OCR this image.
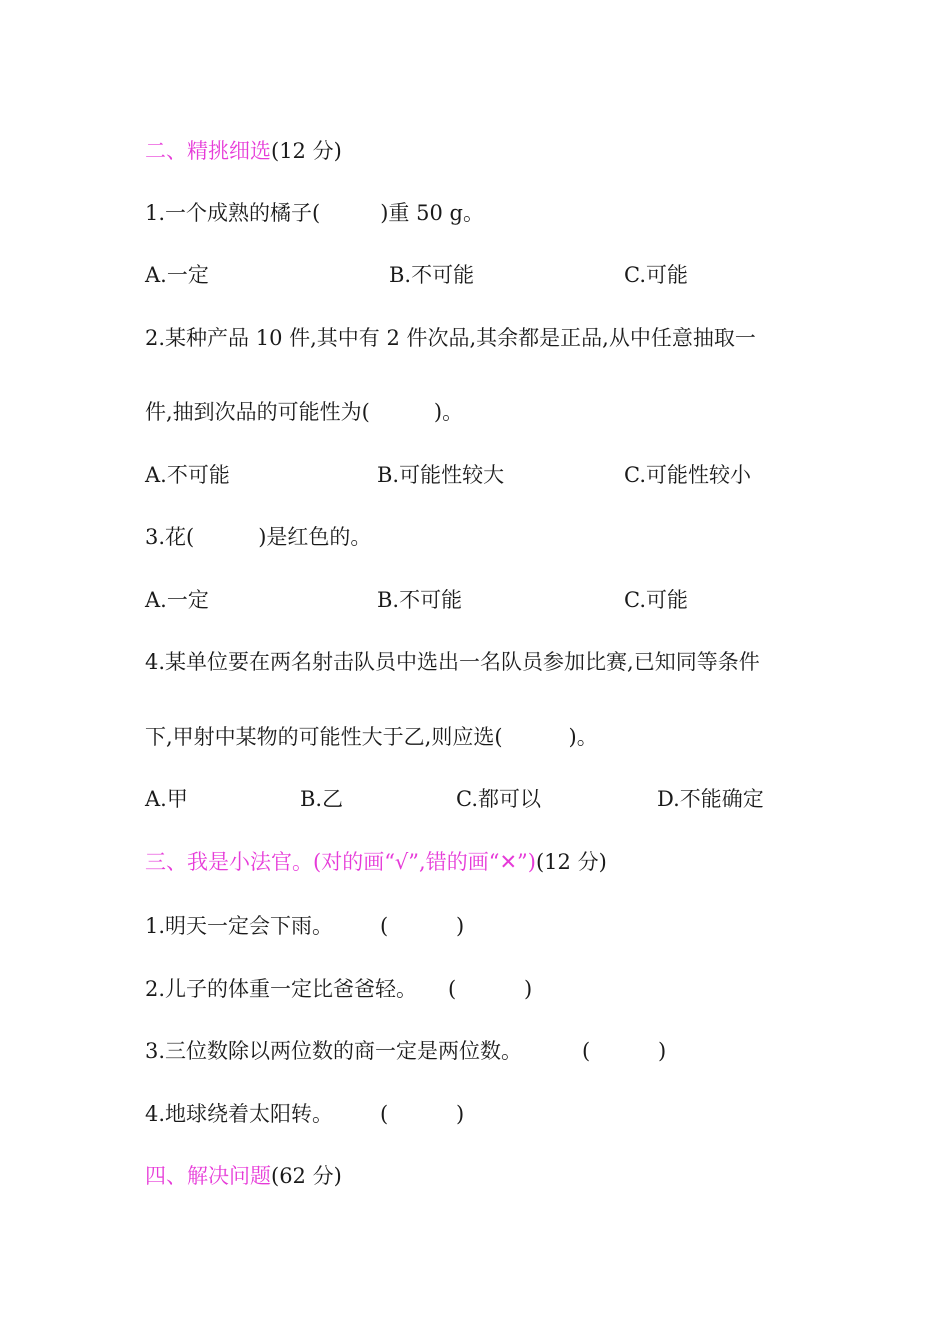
二、精挑细选(12 分)
1.一个成熟的橘子(	)重 50 g。
A.一定	B.不可能	C.可能
2.某种产品 10 件,其中有 2 件次品,其余都是正品,从中任意抽取一
件,抽到次品的可能性为(	)。
A.不可能	B.可能性较大	C.可能性较小
3.花(	)是红色的。
A.一定	B.不可能	C.可能
4.某单位要在两名射击队员中选出一名队员参加比赛,已知同等条件
下,甲射中某物的可能性大于乙,则应选(	)。
A.甲	B.乙	C.都可以	D.不能确定
三、我是小法官。(对的画“√”,错的画“✕”)(12 分)
1.明天一定会下雨。 (	)
2.儿子的体重一定比爸爸轻。 (	)
3.三位数除以两位数的商一定是两位数。	(	)
4.地球绕着太阳转。 (	)
四、解决问题(62 分)
